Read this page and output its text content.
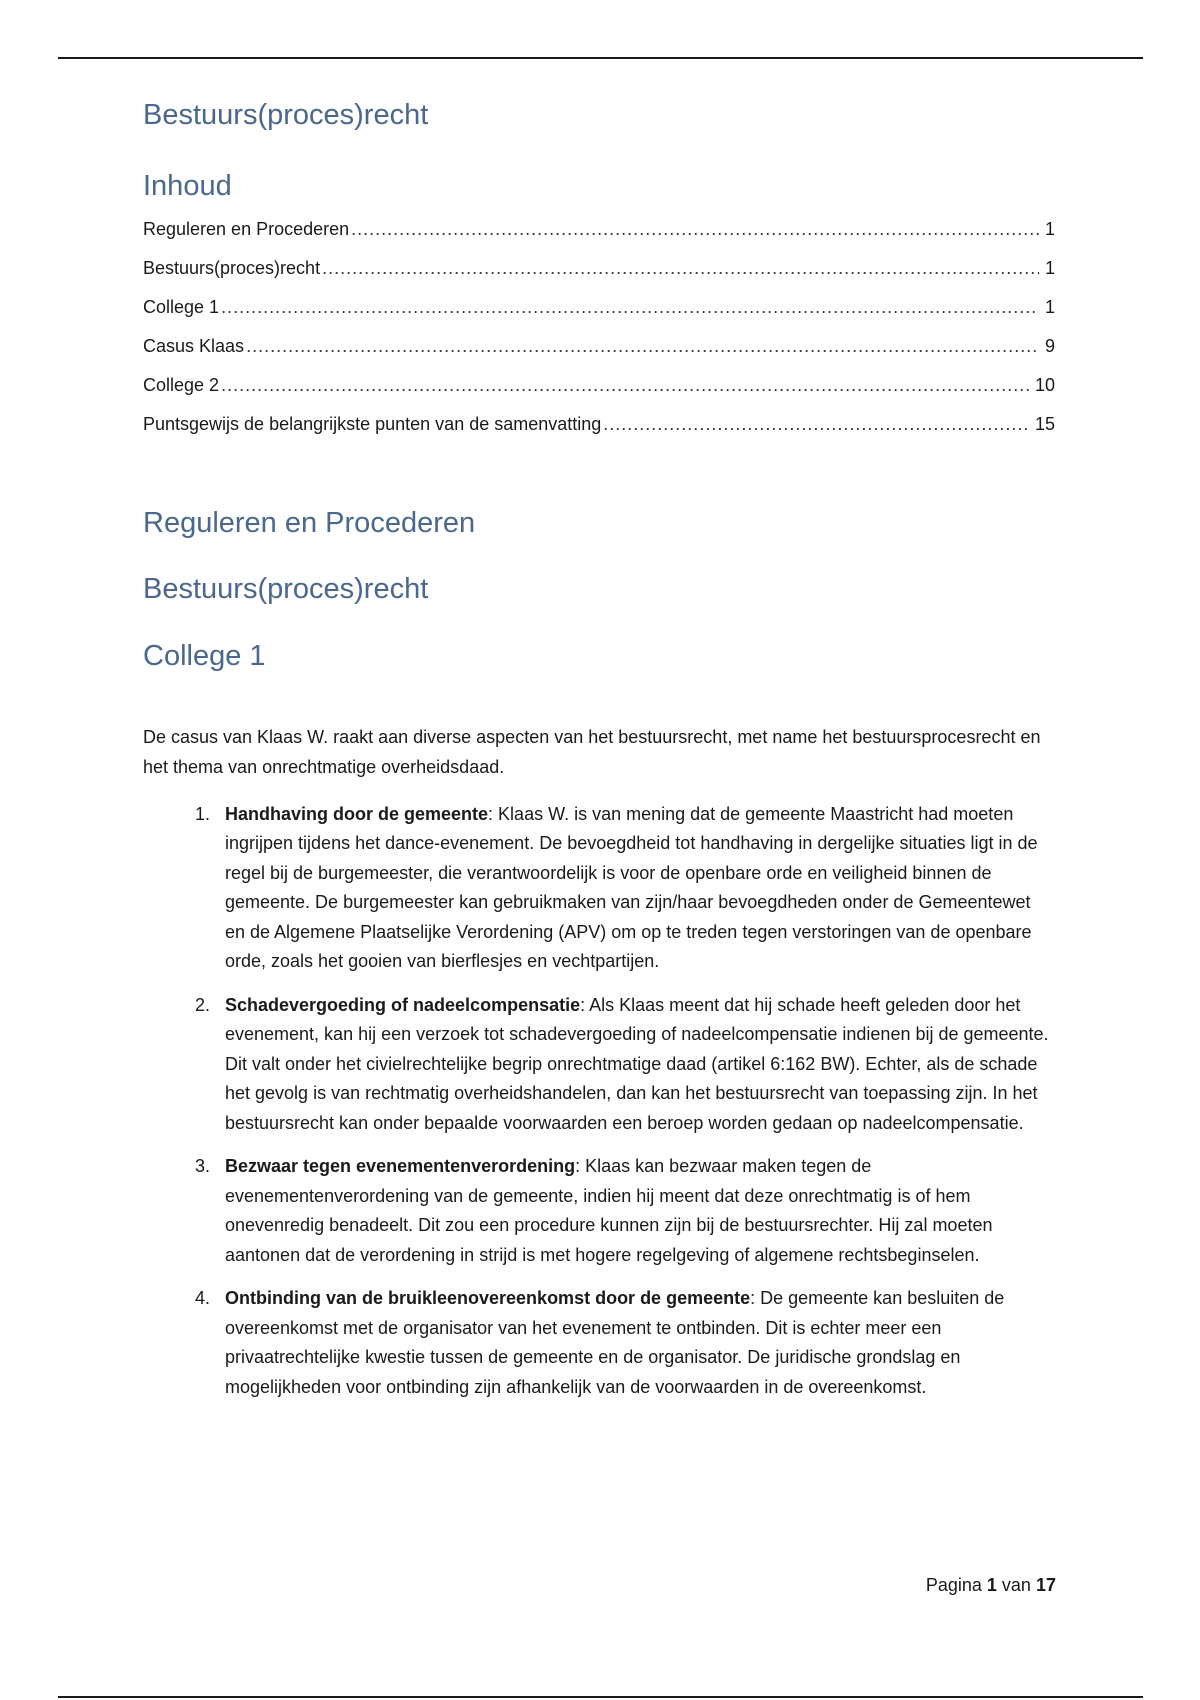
Bestuurs(proces)recht
Inhoud
Reguleren en Procederen .....	1
Bestuurs(proces)recht .....	1
College 1 .....	1
Casus Klaas .....	9
College 2 .....	10
Puntsgewijs de belangrijkste punten van de samenvatting .....	15
Reguleren en Procederen
Bestuurs(proces)recht
College 1

De casus van Klaas W. raakt aan diverse aspecten van het bestuursrecht, met name het bestuursprocesrecht en het thema van onrechtmatige overheidsdaad.

1. Handhaving door de gemeente: Klaas W. is van mening dat de gemeente Maastricht had moeten ingrijpen tijdens het dance-evenement. De bevoegdheid tot handhaving in dergelijke situaties ligt in de regel bij de burgemeester, die verantwoordelijk is voor de openbare orde en veiligheid binnen de gemeente. De burgemeester kan gebruikmaken van zijn/haar bevoegdheden onder de Gemeentewet en de Algemene Plaatselijke Verordening (APV) om op te treden tegen verstoringen van de openbare orde, zoals het gooien van bierflesjes en vechtpartijen.
2. Schadevergoeding of nadeelcompensatie: Als Klaas meent dat hij schade heeft geleden door het evenement, kan hij een verzoek tot schadevergoeding of nadeelcompensatie indienen bij de gemeente. Dit valt onder het civielrechtelijke begrip onrechtmatige daad (artikel 6:162 BW). Echter, als de schade het gevolg is van rechtmatig overheidshandelen, dan kan het bestuursrecht van toepassing zijn. In het bestuursrecht kan onder bepaalde voorwaarden een beroep worden gedaan op nadeelcompensatie.
3. Bezwaar tegen evenementenverordening: Klaas kan bezwaar maken tegen de evenementenverordening van de gemeente, indien hij meent dat deze onrechtmatig is of hem onevenredig benadeelt. Dit zou een procedure kunnen zijn bij de bestuursrechter. Hij zal moeten aantonen dat de verordening in strijd is met hogere regelgeving of algemene rechtsbeginselen.
4. Ontbinding van de bruikleenovereenkomst door de gemeente: De gemeente kan besluiten de overeenkomst met de organisator van het evenement te ontbinden. Dit is echter meer een privaatrechtelijke kwestie tussen de gemeente en de organisator. De juridische grondslag en mogelijkheden voor ontbinding zijn afhankelijk van de voorwaarden in de overeenkomst.
Pagina 1 van 17
